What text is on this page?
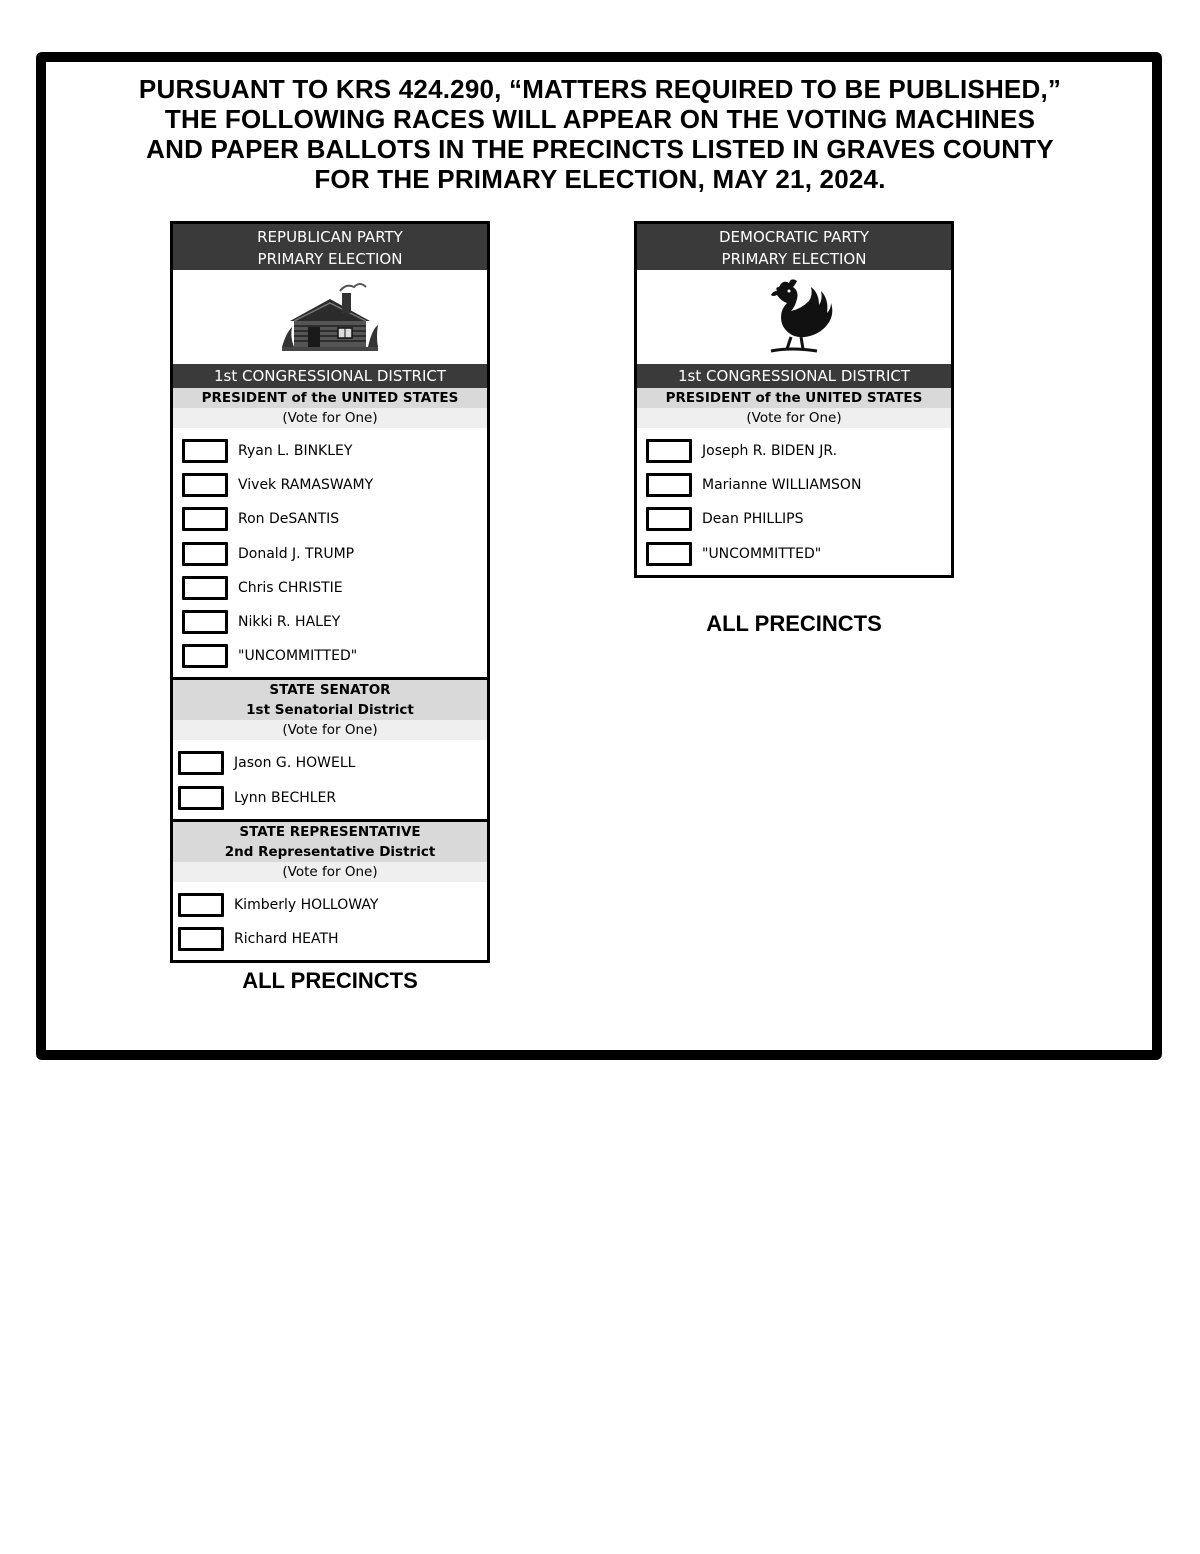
PURSUANT TO KRS 424.290, “MATTERS REQUIRED TO BE PUBLISHED,”
THE FOLLOWING RACES WILL APPEAR ON THE VOTING MACHINES
AND PAPER BALLOTS IN THE PRECINCTS LISTED IN GRAVES COUNTY
FOR THE PRIMARY ELECTION, MAY 21, 2024.
REPUBLICAN PARTY
PRIMARY ELECTION
1st CONGRESSIONAL DISTRICT
PRESIDENT of the UNITED STATES
(Vote for One)
Ryan L. BINKLEY
Vivek RAMASWAMY
Ron DeSANTIS
Donald J. TRUMP
Chris CHRISTIE
Nikki R. HALEY
"UNCOMMITTED"
STATE SENATOR
1st Senatorial District
(Vote for One)
Jason G. HOWELL
Lynn BECHLER
STATE REPRESENTATIVE
2nd Representative District
(Vote for One)
Kimberly HOLLOWAY
Richard HEATH
ALL PRECINCTS
DEMOCRATIC PARTY
PRIMARY ELECTION
1st CONGRESSIONAL DISTRICT
PRESIDENT of the UNITED STATES
(Vote for One)
Joseph R. BIDEN JR.
Marianne WILLIAMSON
Dean PHILLIPS
"UNCOMMITTED"
ALL PRECINCTS
